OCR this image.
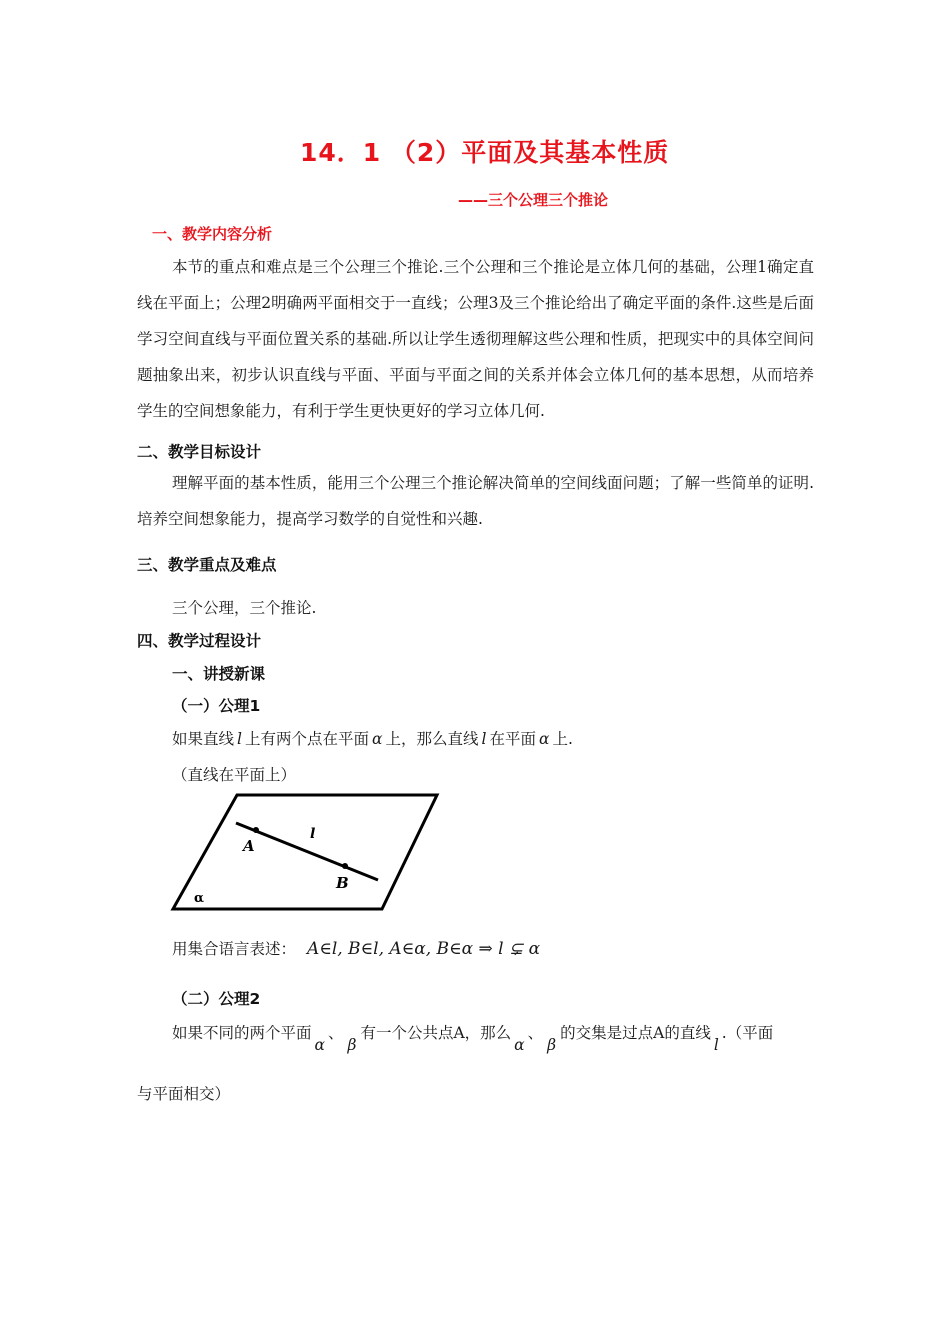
14．1 （2）平面及其基本性质
——三个公理三个推论
一、教学内容分析
本节的重点和难点是三个公理三个推论.三个公理和三个推论是立体几何的基础，公理1确定直线在平面上；公理2明确两平面相交于一直线；公理3及三个推论给出了确定平面的条件.这些是后面学习空间直线与平面位置关系的基础.所以让学生透彻理解这些公理和性质，把现实中的具体空间问题抽象出来，初步认识直线与平面、平面与平面之间的关系并体会立体几何的基本思想，从而培养学生的空间想象能力，有利于学生更快更好的学习立体几何.
二、教学目标设计
理解平面的基本性质，能用三个公理三个推论解决简单的空间线面问题；了解一些简单的证明.培养空间想象能力，提高学习数学的自觉性和兴趣.
三、教学重点及难点
三个公理，三个推论.
四、教学过程设计
一、讲授新课
（一）公理1
如果直线 l 上有两个点在平面 α 上，那么直线 l 在平面 α 上.
（直线在平面上）
A
B
l
α
用集合语言表述： A∈l, B∈l, A∈α, B∈α ⇒ l ⊊ α
（二）公理2
如果不同的两个平面α、β有一个公共点A，那么α、β的交集是过点A的直线l.（平面
与平面相交）
